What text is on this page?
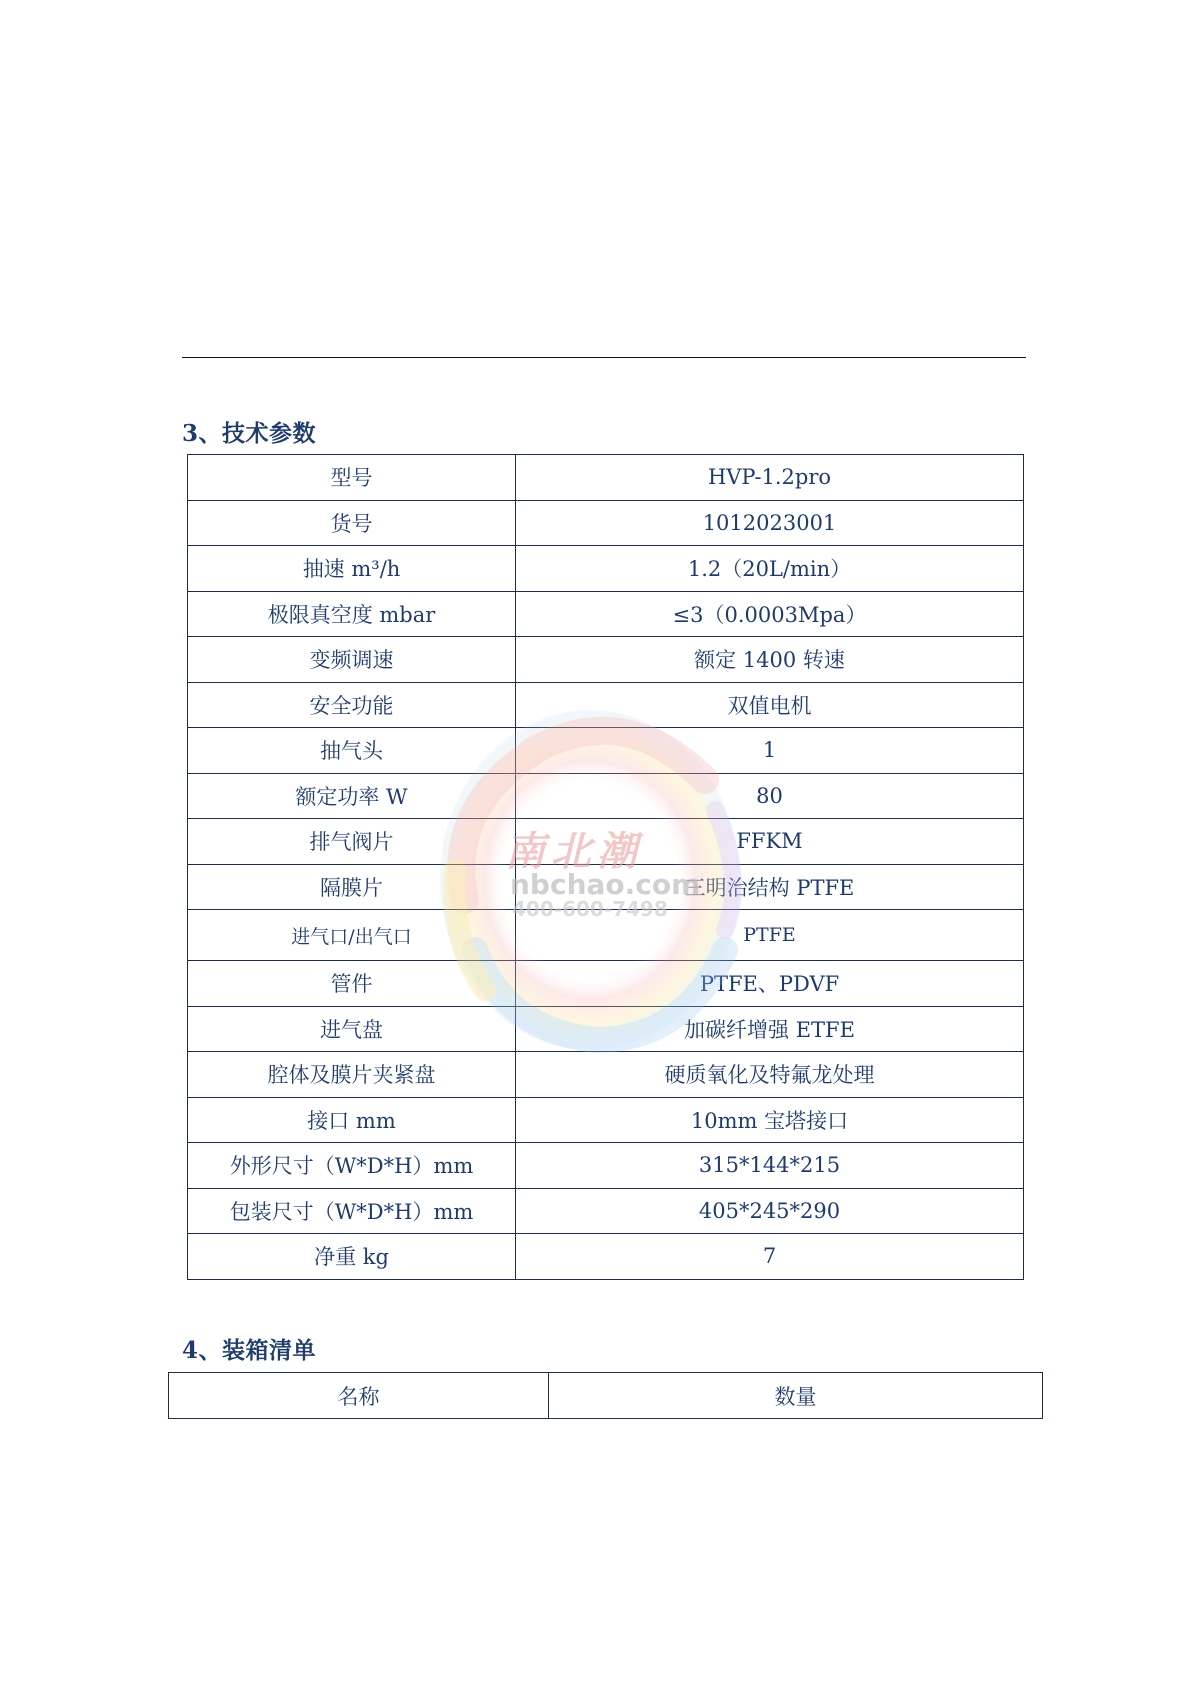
3、技术参数
型号	HVP-1.2pro
货号	1012023001
抽速 m³/h	1.2（20L/min）
极限真空度 mbar	≤3（0.0003Mpa）
变频调速	额定 1400 转速
安全功能	双值电机
抽气头	1
额定功率 W	80
排气阀片	FFKM
隔膜片	三明治结构 PTFE
进气口/出气口	PTFE
管件	PTFE、PDVF
进气盘	加碳纤增强 ETFE
腔体及膜片夹紧盘	硬质氧化及特氟龙处理
接口 mm	10mm 宝塔接口
外形尺寸（W*D*H）mm	315*144*215
包装尺寸（W*D*H）mm	405*245*290
净重 kg	7
4、装箱清单
名称	数量
南北潮
nbchao.com
400-600-7498
